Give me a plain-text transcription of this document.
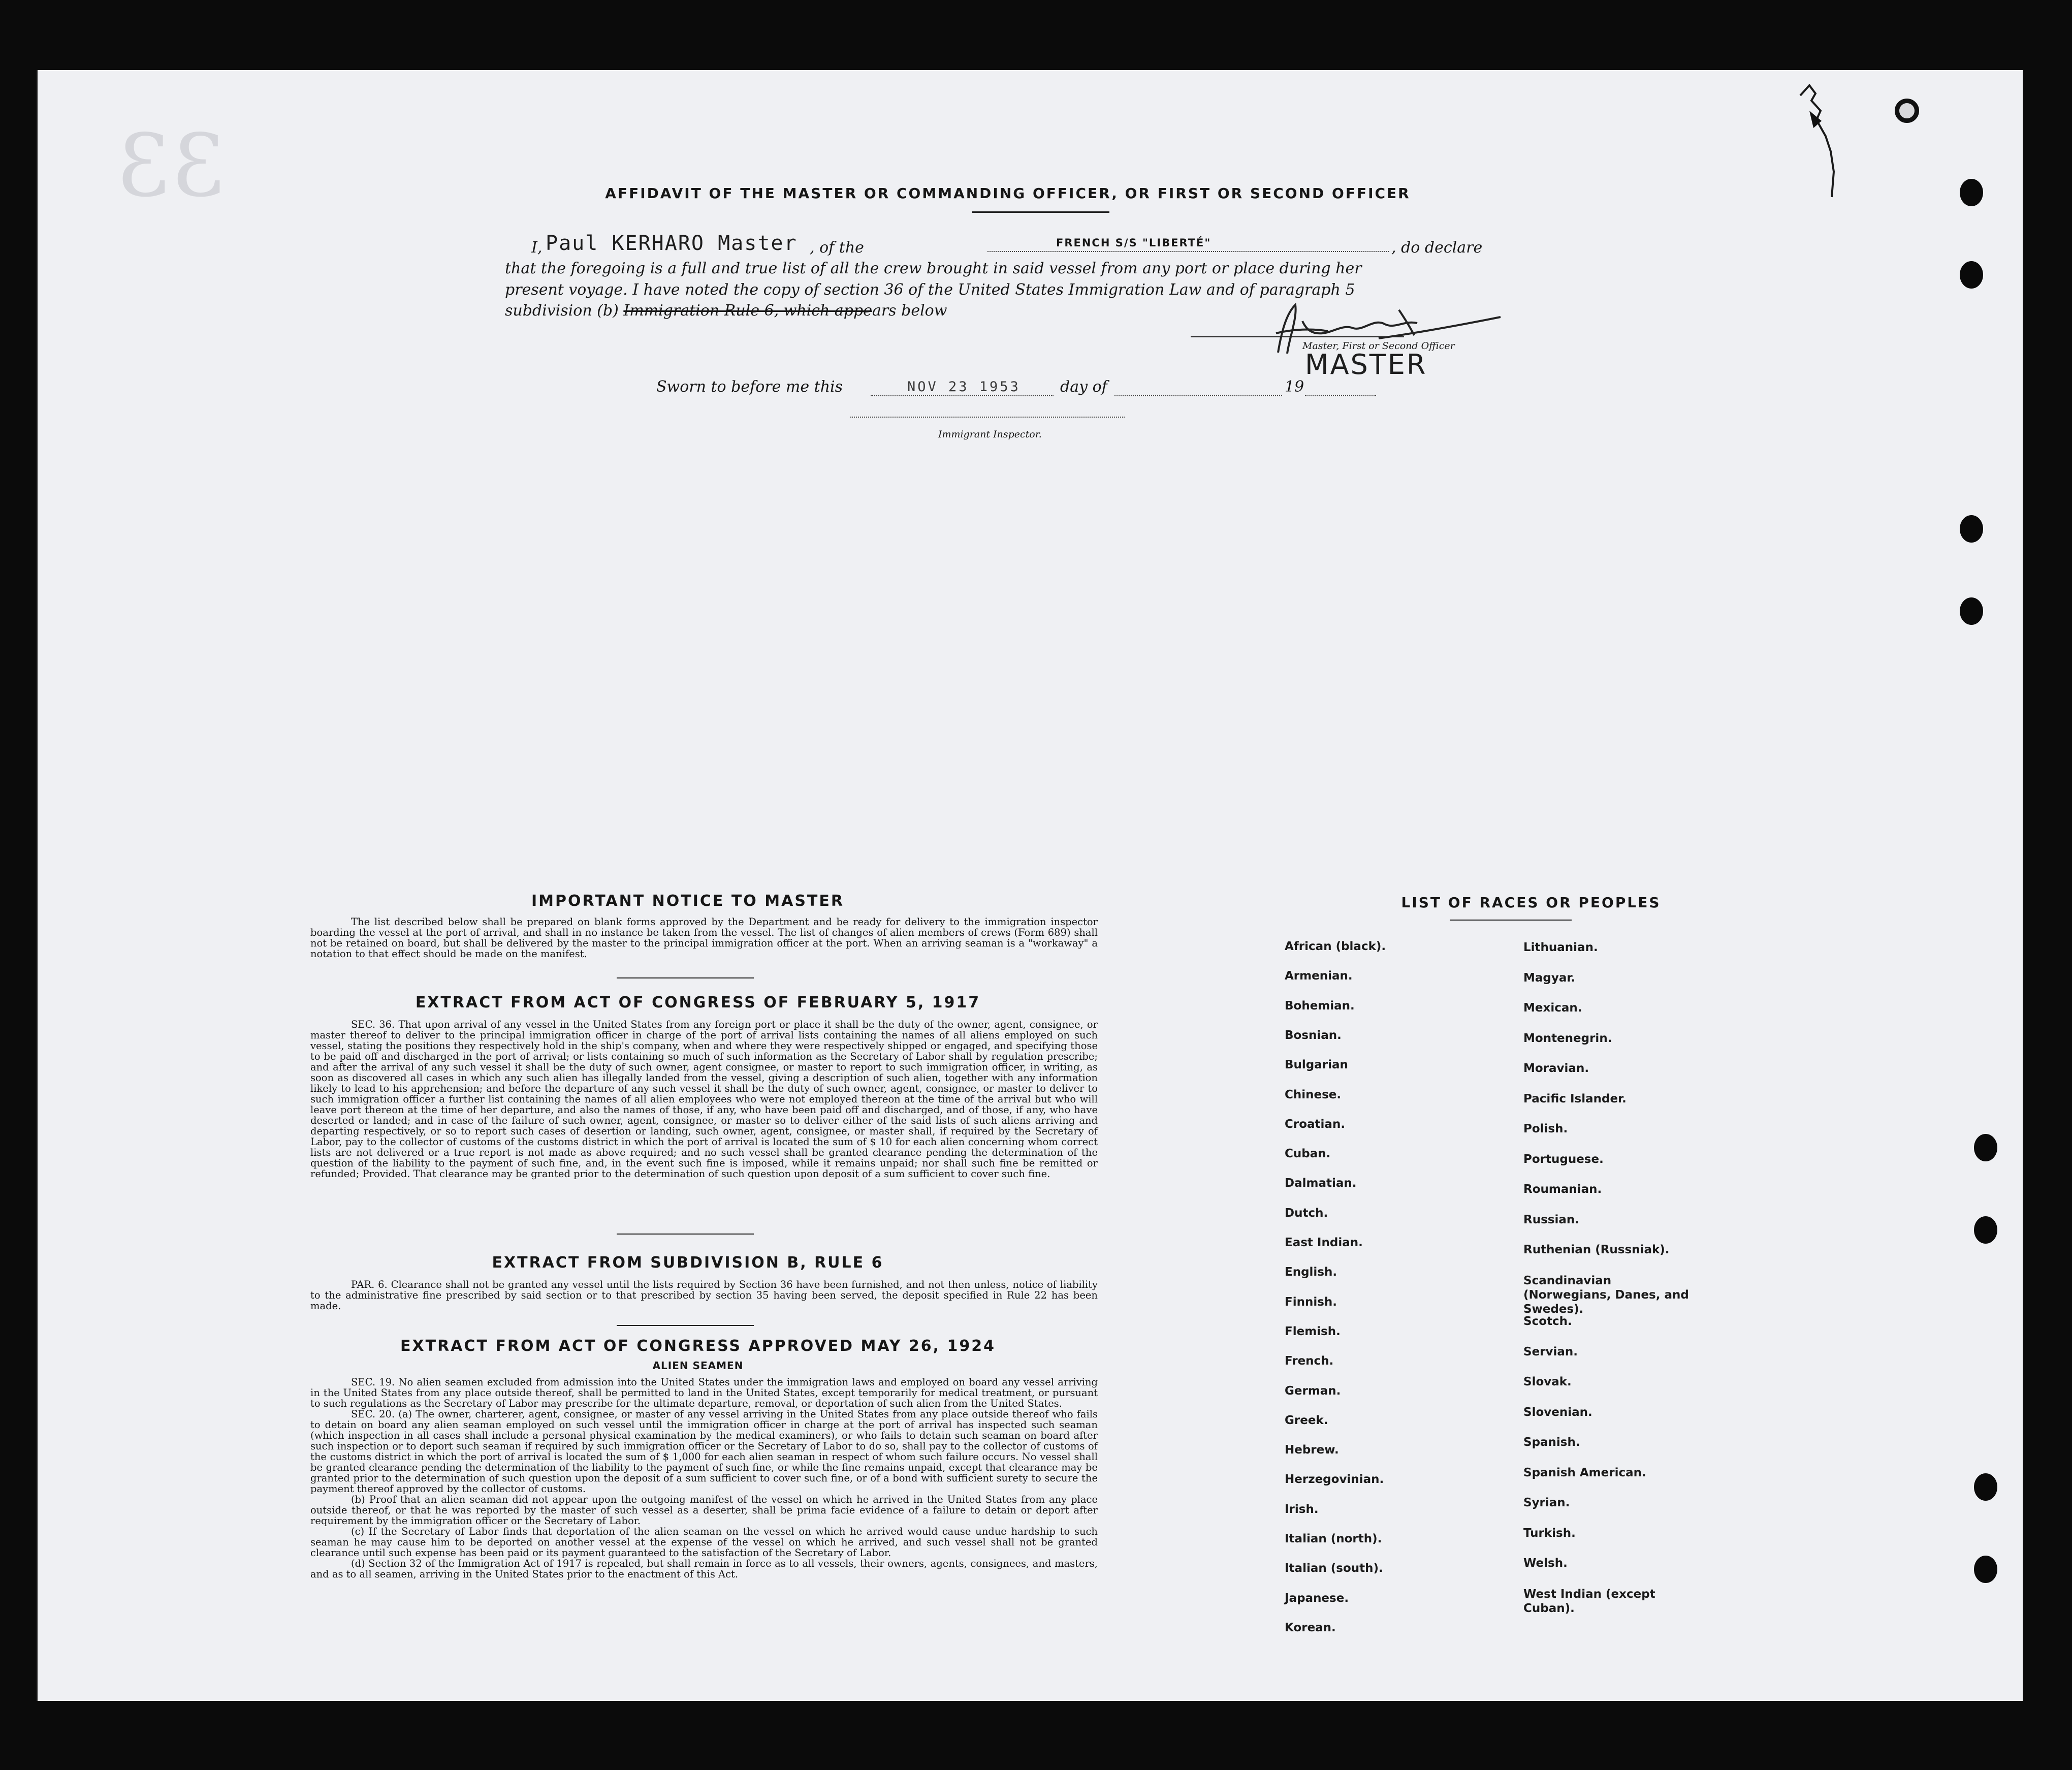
33	AFFIDAVIT OF THE MASTER OR COMMANDING OFFICER, OR FIRST OR SECOND OFFICER
I, Paul KERHARO Master , of the	FRENCH S/S "LIBERTÉ"	, do declare
that the foregoing is a full and true list of all the crew brought in said vessel from any port or place during her
present voyage. I have noted the copy of section 36 of the United States Immigration Law and of paragraph 5
subdivision (b) Immigration Rule 6, which appears below
Master, First or Second Officer
MASTER
Sworn to before me this	NOV 23 1953	day of	19
Immigrant Inspector.
IMPORTANT NOTICE TO MASTER

The list described below shall be prepared on blank forms approved by the Department and be ready for delivery to the immigration inspector boarding the vessel at the port of arrival, and shall in no instance be taken from the vessel. The list of changes of alien members of crews (Form 689) shall not be retained on board, but shall be delivered by the master to the principal immigration officer at the port. When an arriving seaman is a "workaway" a notation to that effect should be made on the manifest.

EXTRACT FROM ACT OF CONGRESS OF FEBRUARY 5, 1917

SEC. 36. That upon arrival of any vessel in the United States from any foreign port or place it shall be the duty of the owner, agent, consignee, or master thereof to deliver to the principal immigration officer in charge of the port of arrival lists containing the names of all aliens employed on such vessel, stating the positions they respectively hold in the ship's company, when and where they were respectively shipped or engaged, and specifying those to be paid off and discharged in the port of arrival; or lists containing so much of such information as the Secretary of Labor shall by regulation prescribe; and after the arrival of any such vessel it shall be the duty of such owner, agent consignee, or master to report to such immigration officer, in writing, as soon as discovered all cases in which any such alien has illegally landed from the vessel, giving a description of such alien, together with any information likely to lead to his apprehension; and before the departure of any such vessel it shall be the duty of such owner, agent, consignee, or master to deliver to such immigration officer a further list containing the names of all alien employees who were not employed thereon at the time of the arrival but who will leave port thereon at the time of her departure, and also the names of those, if any, who have been paid off and discharged, and of those, if any, who have deserted or landed; and in case of the failure of such owner, agent, consignee, or master so to deliver either of the said lists of such aliens arriving and departing respectively, or so to report such cases of desertion or landing, such owner, agent, consignee, or master shall, if required by the Secretary of Labor, pay to the collector of customs of the customs district in which the port of arrival is located the sum of $ 10 for each alien concerning whom correct lists are not delivered or a true report is not made as above required; and no such vessel shall be granted clearance pending the determination of the question of the liability to the payment of such fine, and, in the event such fine is imposed, while it remains unpaid; nor shall such fine be remitted or refunded; Provided. That clearance may be granted prior to the determination of such question upon deposit of a sum sufficient to cover such fine.

EXTRACT FROM SUBDIVISION B, RULE 6

PAR. 6. Clearance shall not be granted any vessel until the lists required by Section 36 have been furnished, and not then unless, notice of liability to the administrative fine prescribed by said section or to that prescribed by section 35 having been served, the deposit specified in Rule 22 has been made.

EXTRACT FROM ACT OF CONGRESS APPROVED MAY 26, 1924
ALIEN SEAMEN

SEC. 19. No alien seamen excluded from admission into the United States under the immigration laws and employed on board any vessel arriving in the United States from any place outside thereof, shall be permitted to land in the United States, except temporarily for medical treatment, or pursuant to such regulations as the Secretary of Labor may prescribe for the ultimate departure, removal, or deportation of such alien from the United States.

SEC. 20. (a) The owner, charterer, agent, consignee, or master of any vessel arriving in the United States from any place outside thereof who fails to detain on board any alien seaman employed on such vessel until the immigration officer in charge at the port of arrival has inspected such seaman (which inspection in all cases shall include a personal physical examination by the medical examiners), or who fails to detain such seaman on board after such inspection or to deport such seaman if required by such immigration officer or the Secretary of Labor to do so, shall pay to the collector of customs of the customs district in which the port of arrival is located the sum of $ 1,000 for each alien seaman in respect of whom such failure occurs. No vessel shall be granted clearance pending the determination of the liability to the payment of such fine, or while the fine remains unpaid, except that clearance may be granted prior to the determination of such question upon the deposit of a sum sufficient to cover such fine, or of a bond with sufficient surety to secure the payment thereof approved by the collector of customs.

(b) Proof that an alien seaman did not appear upon the outgoing manifest of the vessel on which he arrived in the United States from any place outside thereof, or that he was reported by the master of such vessel as a deserter, shall be prima facie evidence of a failure to detain or deport after requirement by the immigration officer or the Secretary of Labor.

(c) If the Secretary of Labor finds that deportation of the alien seaman on the vessel on which he arrived would cause undue hardship to such seaman he may cause him to be deported on another vessel at the expense of the vessel on which he arrived, and such vessel shall not be granted clearance until such expense has been paid or its payment guaranteed to the satisfaction of the Secretary of Labor.

(d) Section 32 of the Immigration Act of 1917 is repealed, but shall remain in force as to all vessels, their owners, agents, consignees, and masters, and as to all seamen, arriving in the United States prior to the enactment of this Act.

LIST OF RACES OR PEOPLES
African (black).
Armenian.
Bohemian.
Bosnian.
Bulgarian
Chinese.
Croatian.
Cuban.
Dalmatian.
Dutch.
East Indian.
English.
Finnish.
Flemish.
French.
German.
Greek.
Hebrew.
Herzegovinian.
Irish.
Italian (north).
Italian (south).
Japanese.
Korean.
Lithuanian.
Magyar.
Mexican.
Montenegrin.
Moravian.
Pacific Islander.
Polish.
Portuguese.
Roumanian.
Russian.
Ruthenian (Russniak).
Scandinavian (Norwegians, Danes, and Swedes).
Scotch.
Servian.
Slovak.
Slovenian.
Spanish.
Spanish American.
Syrian.
Turkish.
Welsh.
West Indian (except Cuban).
